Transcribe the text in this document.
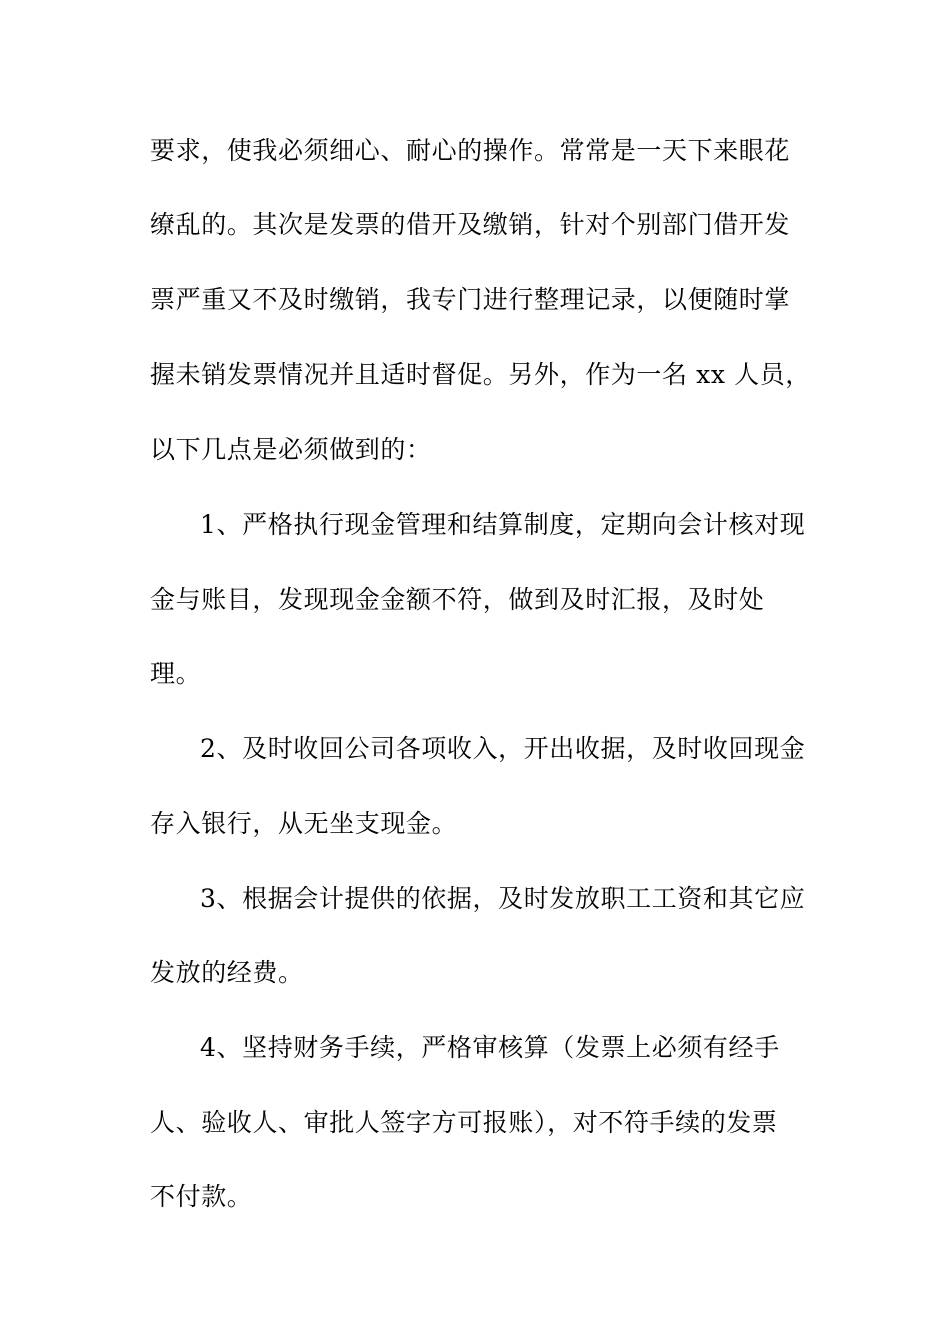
要求，使我必须细心、耐心的操作。常常是一天下来眼花
缭乱的。其次是发票的借开及缴销，针对个别部门借开发
票严重又不及时缴销，我专门进行整理记录，以便随时掌
握未销发票情况并且适时督促。另外，作为一名 xx 人员，
以下几点是必须做到的：
1、严格执行现金管理和结算制度，定期向会计核对现
金与账目，发现现金金额不符，做到及时汇报，及时处
理。
2、及时收回公司各项收入，开出收据，及时收回现金
存入银行，从无坐支现金。
3、根据会计提供的依据，及时发放职工工资和其它应
发放的经费。
4、坚持财务手续，严格审核算（发票上必须有经手
人、验收人、审批人签字方可报账），对不符手续的发票
不付款。
